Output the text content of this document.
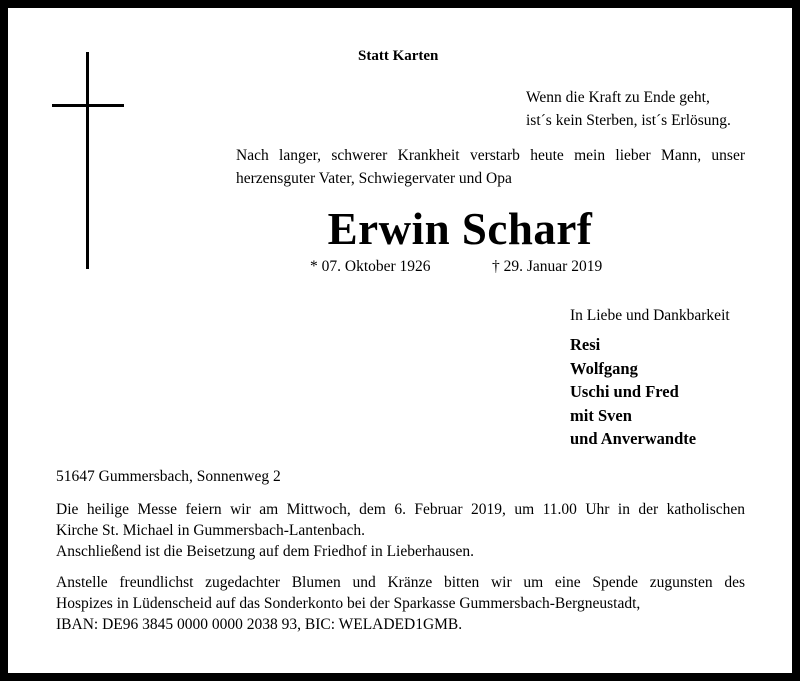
Statt Karten
Wenn die Kraft zu Ende geht,
ist´s kein Sterben, ist´s Erlösung.
Nach langer, schwerer Krankheit verstarb heute mein lieber Mann, unser herzensguter Vater, Schwiegervater und Opa
Erwin Scharf
* 07. Oktober 1926	† 29. Januar 2019
In Liebe und Dankbarkeit
Resi
Wolfgang
Uschi und Fred
mit Sven
und Anverwandte
51647 Gummersbach, Sonnenweg 2
Die heilige Messe feiern wir am Mittwoch, dem 6. Februar 2019, um 11.00 Uhr in der katholischen
Kirche St. Michael in Gummersbach-Lantenbach.
Anschließend ist die Beisetzung auf dem Friedhof in Lieberhausen.
Anstelle freundlichst zugedachter Blumen und Kränze bitten wir um eine Spende zugunsten des
Hospizes in Lüdenscheid auf das Sonderkonto bei der Sparkasse Gummersbach-Bergneustadt,
IBAN: DE96 3845 0000 0000 2038 93, BIC: WELADED1GMB.
